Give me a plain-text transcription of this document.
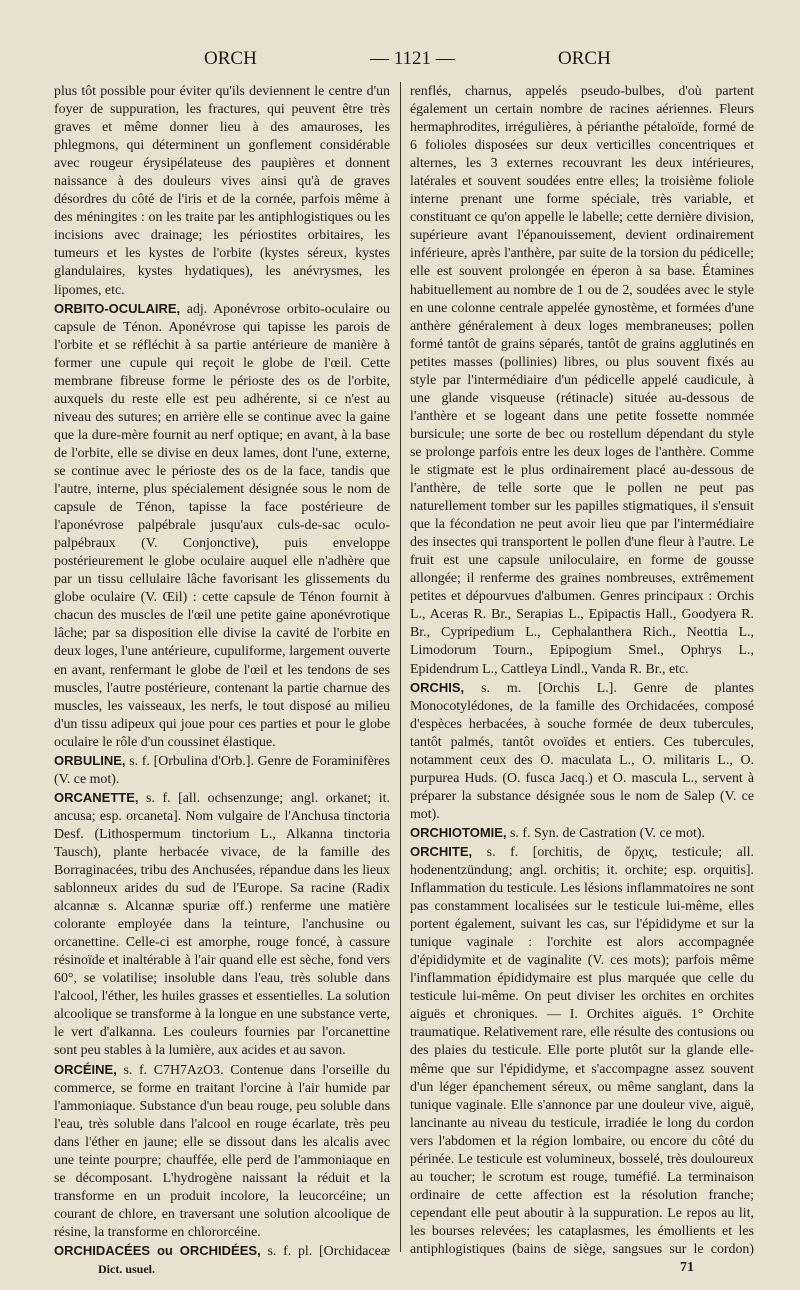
ORCH	— 1121 —	ORCH

plus tôt possible pour éviter qu'ils deviennent le centre d'un foyer de suppuration, les fractures, qui peuvent être très graves et même donner lieu à des amauroses, les phlegmons, qui déterminent un gonflement considérable avec rougeur érysipélateuse des paupières et donnent naissance à des douleurs vives ainsi qu'à de graves désordres du côté de l'iris et de la cornée, parfois même à des méningites : on les traite par les antiphlogistiques ou les incisions avec drainage; les périostites orbitaires, les tumeurs et les kystes de l'orbite (kystes séreux, kystes glandulaires, kystes hydatiques), les anévrysmes, les lipomes, etc.

ORBITO-OCULAIRE, adj. Aponévrose orbito-oculaire ou capsule de Ténon. Aponévrose qui tapisse les parois de l'orbite et se réfléchit à sa partie antérieure de manière à former une cupule qui reçoit le globe de l'œil. Cette membrane fibreuse forme le périoste des os de l'orbite, auxquels du reste elle est peu adhérente, si ce n'est au niveau des sutures; en arrière elle se continue avec la gaine que la dure-mère fournit au nerf optique; en avant, à la base de l'orbite, elle se divise en deux lames, dont l'une, externe, se continue avec le périoste des os de la face, tandis que l'autre, interne, plus spécialement désignée sous le nom de capsule de Ténon, tapisse la face postérieure de l'aponévrose palpébrale jusqu'aux culs-de-sac oculo-palpébraux (V. Conjonctive), puis enveloppe postérieurement le globe oculaire auquel elle n'adhère que par un tissu cellulaire lâche favorisant les glissements du globe oculaire (V. Œil) : cette capsule de Ténon fournit à chacun des muscles de l'œil une petite gaine aponévrotique lâche; par sa disposition elle divise la cavité de l'orbite en deux loges, l'une antérieure, cupuliforme, largement ouverte en avant, renfermant le globe de l'œil et les tendons de ses muscles, l'autre postérieure, contenant la partie charnue des muscles, les vaisseaux, les nerfs, le tout disposé au milieu d'un tissu adipeux qui joue pour ces parties et pour le globe oculaire le rôle d'un coussinet élastique.

ORBULINE, s. f. [Orbulina d'Orb.]. Genre de Foraminifères (V. ce mot).

ORCANETTE, s. f. [all. ochsenzunge; angl. orkanet; it. ancusa; esp. orcaneta]. Nom vulgaire de l'Anchusa tinctoria Desf. (Lithospermum tinctorium L., Alkanna tinctoria Tausch), plante herbacée vivace, de la famille des Borraginacées, tribu des Anchusées, répandue dans les lieux sablonneux arides du sud de l'Europe. Sa racine (Radix alcannæ s. Alcannæ spuriæ off.) renferme une matière colorante employée dans la teinture, l'anchusine ou orcanettine. Celle-ci est amorphe, rouge foncé, à cassure résinoïde et inaltérable à l'air quand elle est sèche, fond vers 60°, se volatilise; insoluble dans l'eau, très soluble dans l'alcool, l'éther, les huiles grasses et essentielles. La solution alcoolique se transforme à la longue en une substance verte, le vert d'alkanna. Les couleurs fournies par l'orcanettine sont peu stables à la lumière, aux acides et au savon.

ORCÉINE, s. f. C7H7AzO3. Contenue dans l'orseille du commerce, se forme en traitant l'orcine à l'air humide par l'ammoniaque. Substance d'un beau rouge, peu soluble dans l'eau, très soluble dans l'alcool en rouge écarlate, très peu dans l'éther en jaune; elle se dissout dans les alcalis avec une teinte pourpre; chauffée, elle perd de l'ammoniaque en se décomposant. L'hydrogène naissant la réduit et la transforme en un produit incolore, la leucorcéine; un courant de chlore, en traversant une solution alcoolique de résine, la transforme en chlororcéine.

ORCHIDACÉES ou ORCHIDÉES, s. f. pl. [Orchidaceæ

renflés, charnus, appelés pseudo-bulbes, d'où partent également un certain nombre de racines aériennes. Fleurs hermaphrodites, irrégulières, à périanthe pétaloïde, formé de 6 folioles disposées sur deux verticilles concentriques et alternes, les 3 externes recouvrant les deux intérieures, latérales et souvent soudées entre elles; la troisième foliole interne prenant une forme spéciale, très variable, et constituant ce qu'on appelle le labelle; cette dernière division, supérieure avant l'épanouissement, devient ordinairement inférieure, après l'anthère, par suite de la torsion du pédicelle; elle est souvent prolongée en éperon à sa base. Étamines habituellement au nombre de 1 ou de 2, soudées avec le style en une colonne centrale appelée gynostème, et formées d'une anthère généralement à deux loges membraneuses; pollen formé tantôt de grains séparés, tantôt de grains agglutinés en petites masses (pollinies) libres, ou plus souvent fixés au style par l'intermédiaire d'un pédicelle appelé caudicule, à une glande visqueuse (rétinacle) située au-dessous de l'anthère et se logeant dans une petite fossette nommée bursicule; une sorte de bec ou rostellum dépendant du style se prolonge parfois entre les deux loges de l'anthère. Comme le stigmate est le plus ordinairement placé au-dessous de l'anthère, de telle sorte que le pollen ne peut pas naturellement tomber sur les papilles stigmatiques, il s'ensuit que la fécondation ne peut avoir lieu que par l'intermédiaire des insectes qui transportent le pollen d'une fleur à l'autre. Le fruit est une capsule uniloculaire, en forme de gousse allongée; il renferme des graines nombreuses, extrêmement petites et dépourvues d'albumen. Genres principaux : Orchis L., Aceras R. Br., Serapias L., Epipactis Hall., Goodyera R. Br., Cypripedium L., Cephalanthera Rich., Neottia L., Limodorum Tourn., Epipogium Smel., Ophrys L., Epidendrum L., Cattleya Lindl., Vanda R. Br., etc.

ORCHIS, s. m. [Orchis L.]. Genre de plantes Monocotylédones, de la famille des Orchidacées, composé d'espèces herbacées, à souche formée de deux tubercules, tantôt palmés, tantôt ovoïdes et entiers. Ces tubercules, notamment ceux des O. maculata L., O. militaris L., O. purpurea Huds. (O. fusca Jacq.) et O. mascula L., servent à préparer la substance désignée sous le nom de Salep (V. ce mot).

ORCHIOTOMIE, s. f. Syn. de Castration (V. ce mot).

ORCHITE, s. f. [orchitis, de ὄρχις, testicule; all. hodenentzündung; angl. orchitis; it. orchite; esp. orquitis]. Inflammation du testicule. Les lésions inflammatoires ne sont pas constamment localisées sur le testicule lui-même, elles portent également, suivant les cas, sur l'épididyme et sur la tunique vaginale : l'orchite est alors accompagnée d'épididymite et de vaginalite (V. ces mots); parfois même l'inflammation épididymaire est plus marquée que celle du testicule lui-même. On peut diviser les orchites en orchites aiguës et chroniques. — I. Orchites aiguës. 1° Orchite traumatique. Relativement rare, elle résulte des contusions ou des plaies du testicule. Elle porte plutôt sur la glande elle-même que sur l'épididyme, et s'accompagne assez souvent d'un léger épanchement séreux, ou même sanglant, dans la tunique vaginale. Elle s'annonce par une douleur vive, aiguë, lancinante au niveau du testicule, irradiée le long du cordon vers l'abdomen et la région lombaire, ou encore du côté du périnée. Le testicule est volumineux, bosselé, très douloureux au toucher; le scrotum est rouge, tuméfié. La terminaison ordinaire de cette affection est la résolution franche; cependant elle peut aboutir à la suppuration. Le repos au lit, les bourses relevées; les cataplasmes, les émollients et les antiphlogistiques (bains de siège, sangsues sur le cordon)

Dict. usuel.	71
